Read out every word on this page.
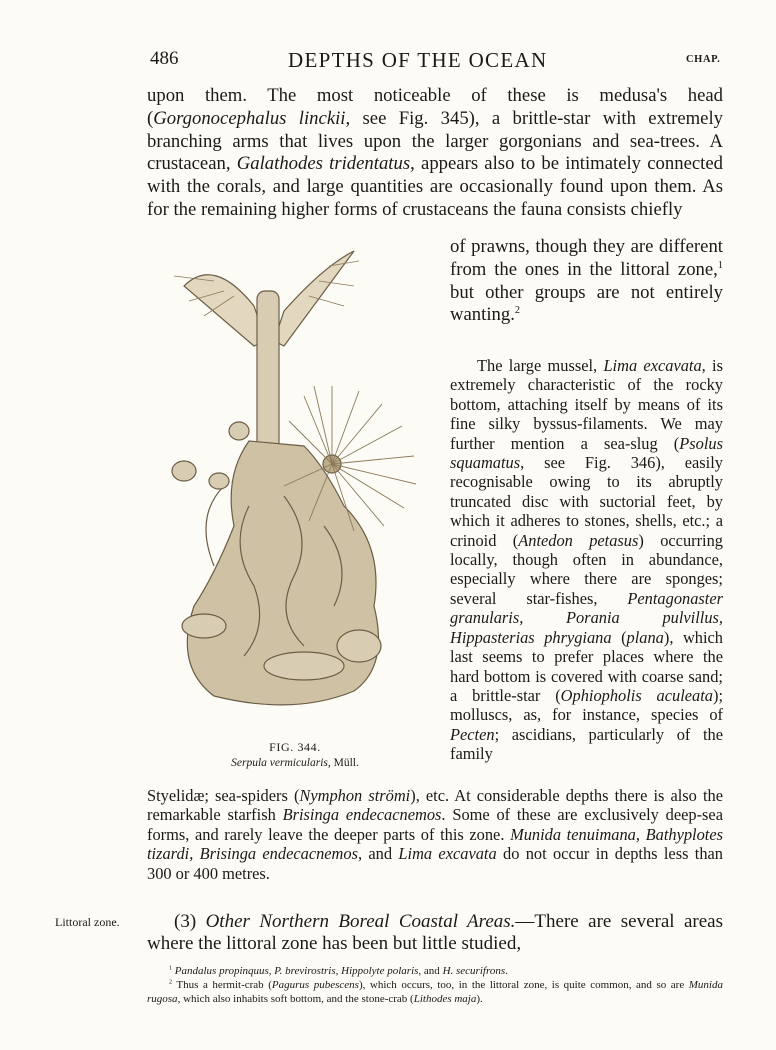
486	DEPTHS OF THE OCEAN	CHAP.

upon them. The most noticeable of these is medusa's head (Gorgonocephalus linckii, see Fig. 345), a brittle-star with extremely branching arms that lives upon the larger gorgonians and sea-trees. A crustacean, Galathodes tridentatus, appears also to be intimately connected with the corals, and large quantities are occasionally found upon them. As for the remaining higher forms of crustaceans the fauna consists chiefly

of prawns, though they are different from the ones in the littoral zone,$^1$ but other groups are not entirely wanting.$^2$

The large mussel, Lima excavata, is extremely characteristic of the rocky bottom, attaching itself by means of its fine silky byssus-filaments. We may further mention a sea-slug (Psolus squamatus, see Fig. 346), easily recognisable owing to its abruptly truncated disc with suctorial feet, by which it adheres to stones, shells, etc.; a crinoid (Antedon petasus) occurring locally, though often in abundance, especially where there are sponges; several star-fishes, Pentagonaster granularis, Porania pulvillus, Hippasterias phrygiana (plana), which last seems to prefer places where the hard bottom is covered with coarse sand; a brittle-star (Ophiopholis aculeata); molluscs, as, for instance, species of Pecten; ascidians, particularly of the family

FIG. 344.
Serpula vermicularis, Müll.

Styelidæ; sea-spiders (Nymphon strömi), etc. At considerable depths there is also the remarkable starfish Brisinga endecacnemos. Some of these are exclusively deep-sea forms, and rarely leave the deeper parts of this zone. Munida tenuimana, Bathyplotes tizardi, Brisinga endecacnemos, and Lima excavata do not occur in depths less than 300 or 400 metres.

Littoral zone.	(3) Other Northern Boreal Coastal Areas.—There are several areas where the littoral zone has been but little studied,

$^1$ Pandalus propinquus, P. brevirostris, Hippolyte polaris, and H. securifrons.

$^2$ Thus a hermit-crab (Pagurus pubescens), which occurs, too, in the littoral zone, is quite common, and so are Munida rugosa, which also inhabits soft bottom, and the stone-crab (Lithodes maja).
